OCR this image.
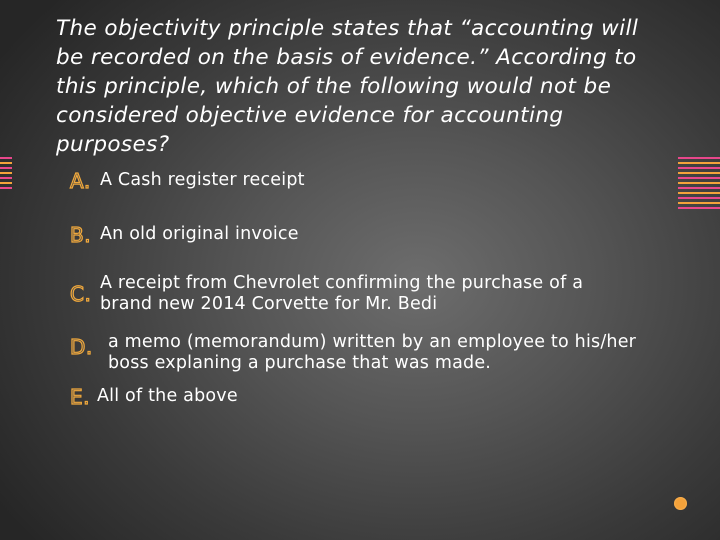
The objectivity principle states that “accounting will be recorded on the basis of evidence.” According to this principle, which of the following would not be considered objective evidence for accounting purposes?

A. A Cash register receipt
B. An old original invoice
C. A receipt from Chevrolet confirming the purchase of a brand new 2014 Corvette for Mr. Bedi
D. a memo (memorandum) written by an employee to his/her boss explaning a purchase that was made.
E. All of the above
